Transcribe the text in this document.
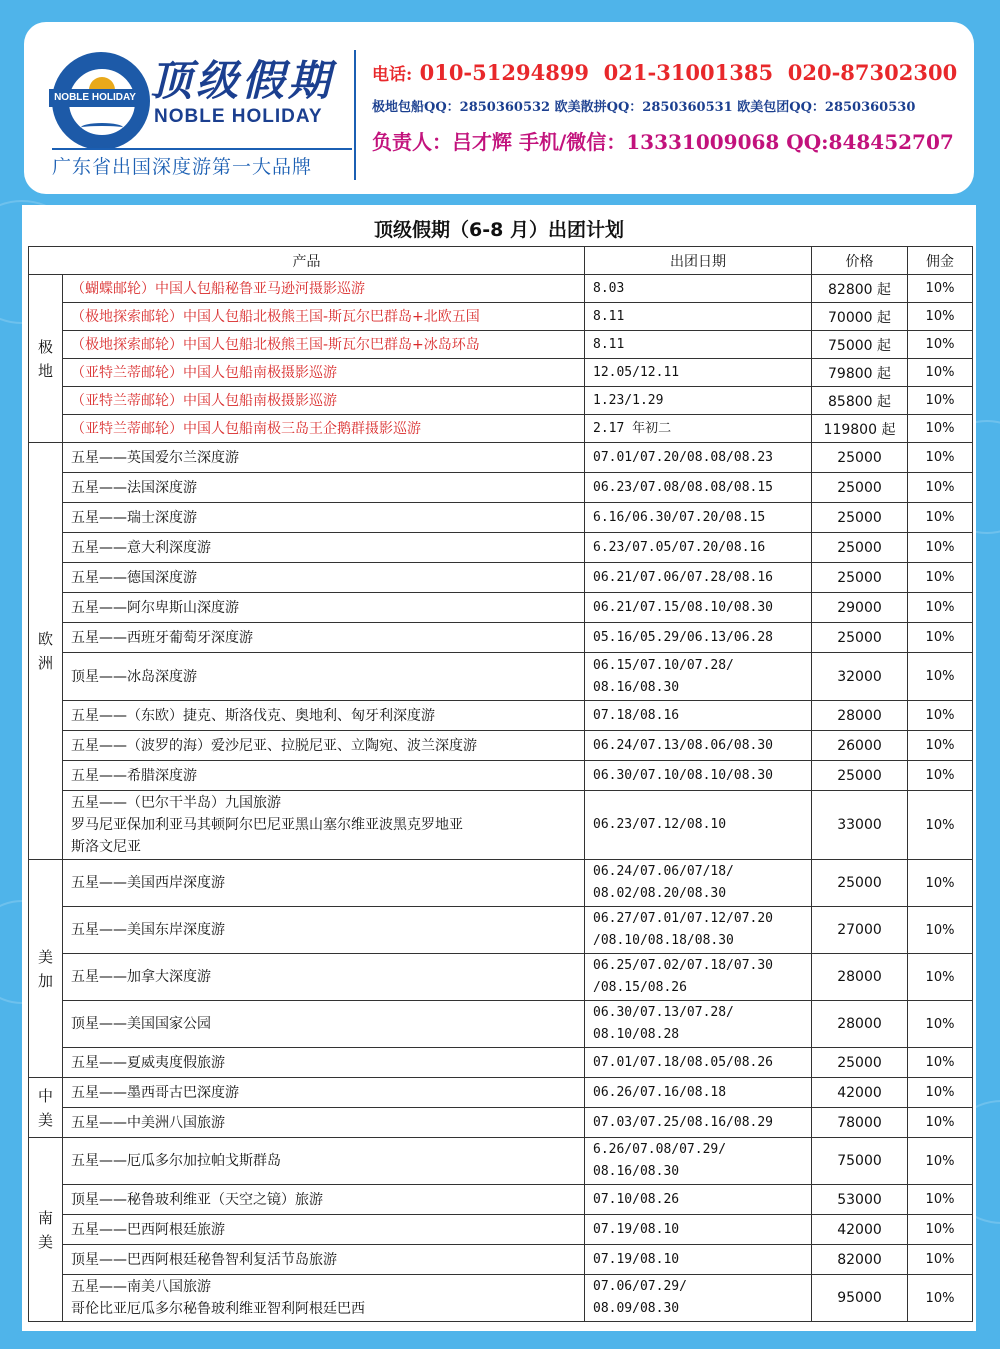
NOBLE HOLIDAY 顶级假期
NOBLE HOLIDAY
广东省出国深度游第一大品牌
电话: 010-51294899  021-31001385  020-87302300
极地包船QQ：2850360532 欧美散拼QQ：2850360531 欧美包团QQ：2850360530
负责人：吕才辉 手机/微信：13331009068 QQ:848452707
顶级假期（6-8 月）出团计划
产品		出团日期	价格	佣金

极地	（蝴蝶邮轮）中国人包船秘鲁亚马逊河摄影巡游	8.03	82800 起	10%
	（极地探索邮轮）中国人包船北极熊王国-斯瓦尔巴群岛+北欧五国	8.11	70000 起	10%
	（极地探索邮轮）中国人包船北极熊王国-斯瓦尔巴群岛+冰岛环岛	8.11	75000 起	10%
	（亚特兰蒂邮轮）中国人包船南极摄影巡游	12.05/12.11	79800 起	10%
	（亚特兰蒂邮轮）中国人包船南极摄影巡游	1.23/1.29	85800 起	10%
	（亚特兰蒂邮轮）中国人包船南极三岛王企鹅群摄影巡游	2.17 年初二	119800 起	10%

欧洲	五星——英国爱尔兰深度游	07.01/07.20/08.08/08.23	25000	10%
	五星——法国深度游	06.23/07.08/08.08/08.15	25000	10%
	五星——瑞士深度游	6.16/06.30/07.20/08.15	25000	10%
	五星——意大利深度游	6.23/07.05/07.20/08.16	25000	10%
	五星——德国深度游	06.21/07.06/07.28/08.16	25000	10%
	五星——阿尔卑斯山深度游	06.21/07.15/08.10/08.30	29000	10%
	五星——西班牙葡萄牙深度游	05.16/05.29/06.13/06.28	25000	10%
	顶星——冰岛深度游	06.15/07.10/07.28/
08.16/08.30	32000	10%
	五星——（东欧）捷克、斯洛伐克、奥地利、匈牙利深度游	07.18/08.16	28000	10%
	五星——（波罗的海）爱沙尼亚、拉脱尼亚、立陶宛、波兰深度游	06.24/07.13/08.06/08.30	26000	10%
	五星——希腊深度游	06.30/07.10/08.10/08.30	25000	10%
	五星——（巴尔干半岛）九国旅游
罗马尼亚保加利亚马其顿阿尔巴尼亚黑山塞尔维亚波黑克罗地亚
斯洛文尼亚	06.23/07.12/08.10	33000	10%

美加	五星——美国西岸深度游	06.24/07.06/07/18/
08.02/08.20/08.30	25000	10%
	五星——美国东岸深度游	06.27/07.01/07.12/07.20
/08.10/08.18/08.30	27000	10%
	五星——加拿大深度游	06.25/07.02/07.18/07.30
/08.15/08.26	28000	10%
	顶星——美国国家公园	06.30/07.13/07.28/
08.10/08.28	28000	10%
	五星——夏威夷度假旅游	07.01/07.18/08.05/08.26	25000	10%

中美	五星——墨西哥古巴深度游	06.26/07.16/08.18	42000	10%
	五星——中美洲八国旅游	07.03/07.25/08.16/08.29	78000	10%

南美	五星——厄瓜多尔加拉帕戈斯群岛	6.26/07.08/07.29/
08.16/08.30	75000	10%
	顶星——秘鲁玻利维亚（天空之镜）旅游	07.10/08.26	53000	10%
	五星——巴西阿根廷旅游	07.19/08.10	42000	10%
	顶星——巴西阿根廷秘鲁智利复活节岛旅游	07.19/08.10	82000	10%
	五星——南美八国旅游
哥伦比亚厄瓜多尔秘鲁玻利维亚智利阿根廷巴西	07.06/07.29/
08.09/08.30	95000	10%
